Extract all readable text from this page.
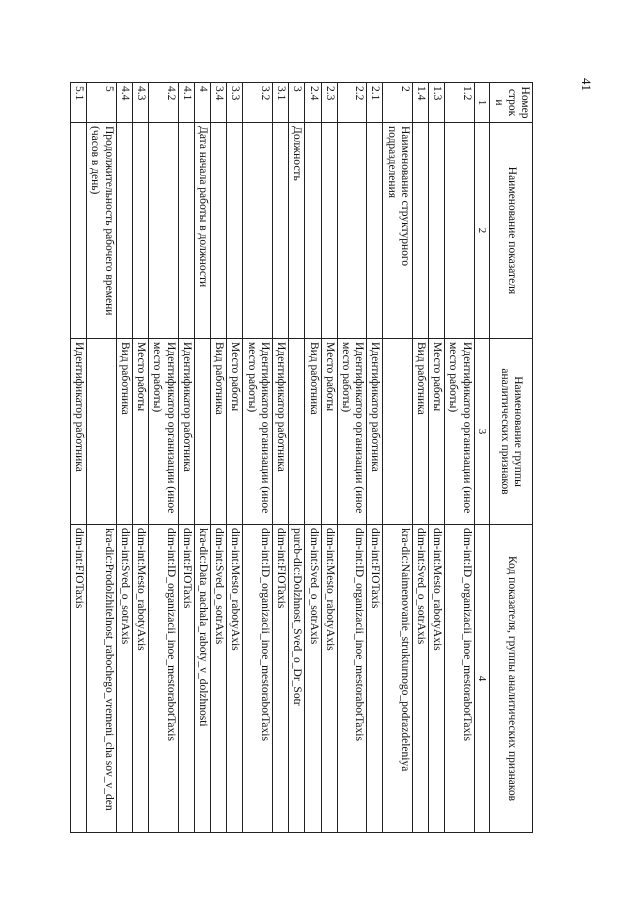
41
Номер строки	Наименование показателя	Наименование группы аналитических признаков	Код показателя, группы аналитических признаков
1	2	3	4
1.2		Идентификатор организации (иное место работы)	dim-int:ID_organizacii_inoe_mestorabotTaxis
1.3		Место работы	dim-int:Mesto_rabotyAxis
1.4		Вид работника	dim-int:Sved_o_sotrAxis
2	Наименование структурного подразделения		kra-dic:Naimenovanie_strukturnogo_podrazdeleniya
2.1		Идентификатор работника	dim-int:FIOTaxis
2.2		Идентификатор организации (иное место работы)	dim-int:ID_organizacii_inoe_mestorabotTaxis
2.3		Место работы	dim-int:Mesto_rabotyAxis
2.4		Вид работника	dim-int:Sved_o_sotrAxis
3	Должность		purcb-dic:Dolzhnost_Sved_o_Dr_Sotr
3.1		Идентификатор работника	dim-int:FIOTaxis
3.2		Идентификатор организации (иное место работы)	dim-int:ID_organizacii_inoe_mestorabotTaxis
3.3		Место работы	dim-int:Mesto_rabotyAxis
3.4		Вид работника	dim-int:Sved_o_sotrAxis
4	Дата начала работы в должности		kra-dic:Data_nachala_raboty_v_dolzhnosti
4.1		Идентификатор работника	dim-int:FIOTaxis
4.2		Идентификатор организации (иное место работы)	dim-int:ID_organizacii_inoe_mestorabotTaxis
4.3		Место работы	dim-int:Mesto_rabotyAxis
4.4		Вид работника	dim-int:Sved_o_sotrAxis
5	Продолжительность рабочего времени (часов в день)		kra-dic:Prodolzhitelnost_rabochego_vremeni_cha sov_v_den
5.1		Идентификатор работника	dim-int:FIOTaxis
